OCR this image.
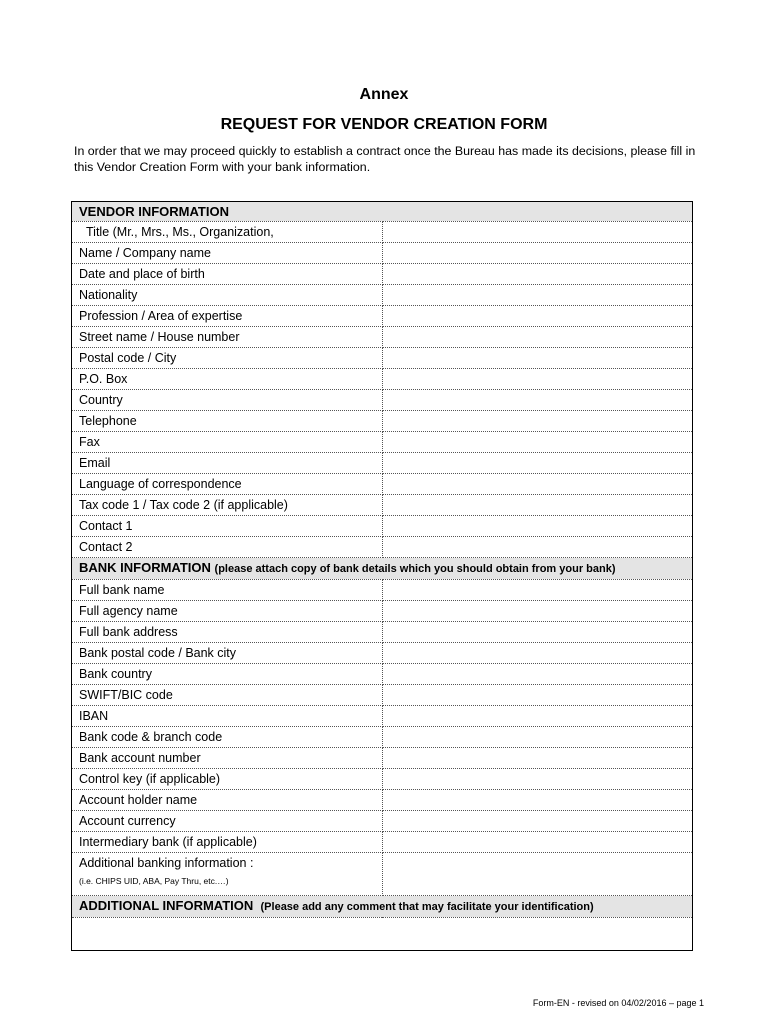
Annex
REQUEST FOR VENDOR CREATION FORM
In order that we may proceed quickly to establish a contract once the Bureau has made its decisions, please fill in this Vendor Creation Form with your bank information.
VENDOR INFORMATION	
Title (Mr., Mrs., Ms., Organization,	
Name / Company name	
Date and place of birth	
Nationality	
Profession / Area of expertise	
Street name / House number	
Postal code / City	
P.O. Box	
Country	
Telephone	
Fax	
Email	
Language of correspondence	
Tax code 1 / Tax code 2 (if applicable)	
Contact 1	
Contact 2	
BANK INFORMATION (please attach copy of bank details which you should obtain from your bank)	
Full bank name	
Full agency name	
Full bank address	
Bank postal code / Bank city	
Bank country	
SWIFT/BIC code	
IBAN	
Bank code & branch code	
Bank account number	
Control key (if applicable)	
Account holder name	
Account currency	
Intermediary bank (if applicable)	
Additional banking information :
(i.e. CHIPS UID, ABA, Pay Thru, etc.…)	

ADDITIONAL INFORMATION (Please add any comment that may facilitate your identification)	

Form-EN - revised on 04/02/2016 – page 1
